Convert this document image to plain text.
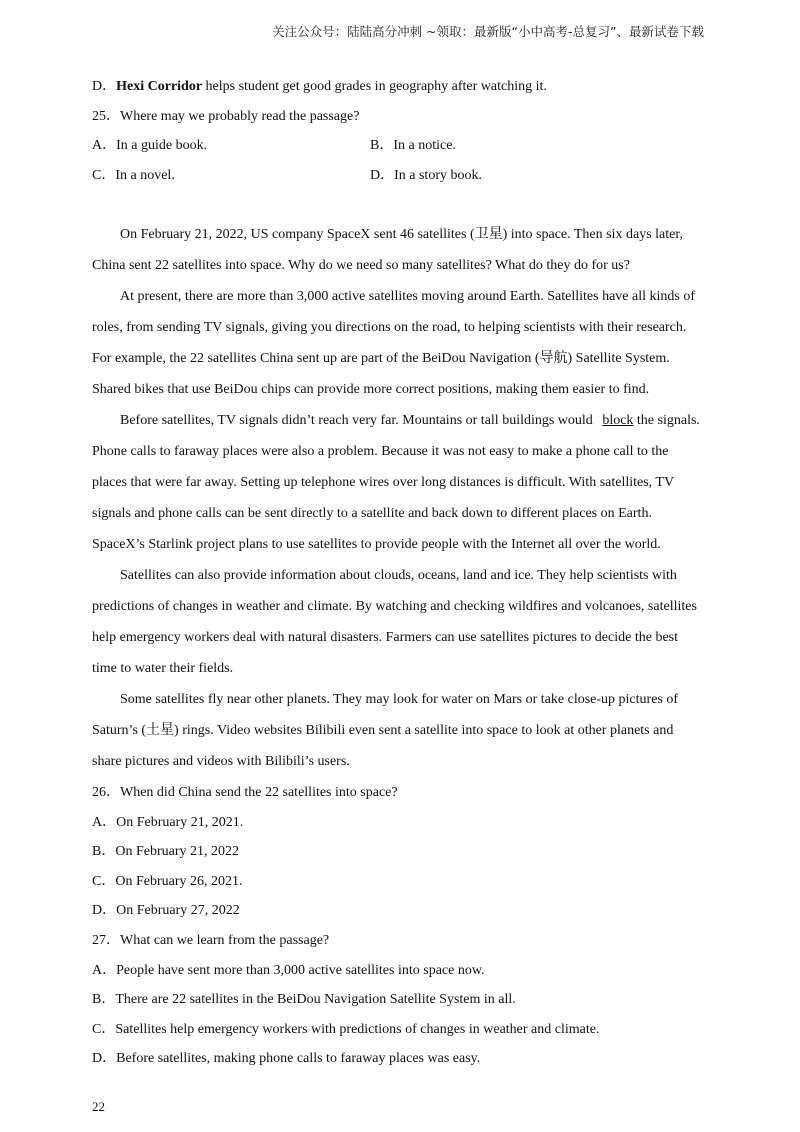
关注公众号：陆陆高分冲刺 ~领取：最新版“小中高考-总复习”、最新试卷下载
D．Hexi Corridor helps student get good grades in geography after watching it.
25．Where may we probably read the passage?
A．In a guide book.	B．In a notice.
C．In a novel.	D．In a story book.
On February 21, 2022, US company SpaceX sent 46 satellites (卫星) into space. Then six days later,
China sent 22 satellites into space. Why do we need so many satellites? What do they do for us?
At present, there are more than 3,000 active satellites moving around Earth. Satellites have all kinds of
roles, from sending TV signals, giving you directions on the road, to helping scientists with their research.
For example, the 22 satellites China sent up are part of the BeiDou Navigation (导航) Satellite System.
Shared bikes that use BeiDou chips can provide more correct positions, making them easier to find.
Before satellites, TV signals didn’t reach very far. Mountains or tall buildings would block the signals.
Phone calls to faraway places were also a problem. Because it was not easy to make a phone call to the
places that were far away. Setting up telephone wires over long distances is difficult. With satellites, TV
signals and phone calls can be sent directly to a satellite and back down to different places on Earth.
SpaceX’s Starlink project plans to use satellites to provide people with the Internet all over the world.
Satellites can also provide information about clouds, oceans, land and ice. They help scientists with
predictions of changes in weather and climate. By watching and checking wildfires and volcanoes, satellites
help emergency workers deal with natural disasters. Farmers can use satellites pictures to decide the best
time to water their fields.
Some satellites fly near other planets. They may look for water on Mars or take close-up pictures of
Saturn’s (土星) rings. Video websites Bilibili even sent a satellite into space to look at other planets and
share pictures and videos with Bilibili’s users.
26．When did China send the 22 satellites into space?
A．On February 21, 2021.
B．On February 21, 2022
C．On February 26, 2021.
D．On February 27, 2022
27．What can we learn from the passage?
A．People have sent more than 3,000 active satellites into space now.
B．There are 22 satellites in the BeiDou Navigation Satellite System in all.
C．Satellites help emergency workers with predictions of changes in weather and climate.
D．Before satellites, making phone calls to faraway places was easy.
22
